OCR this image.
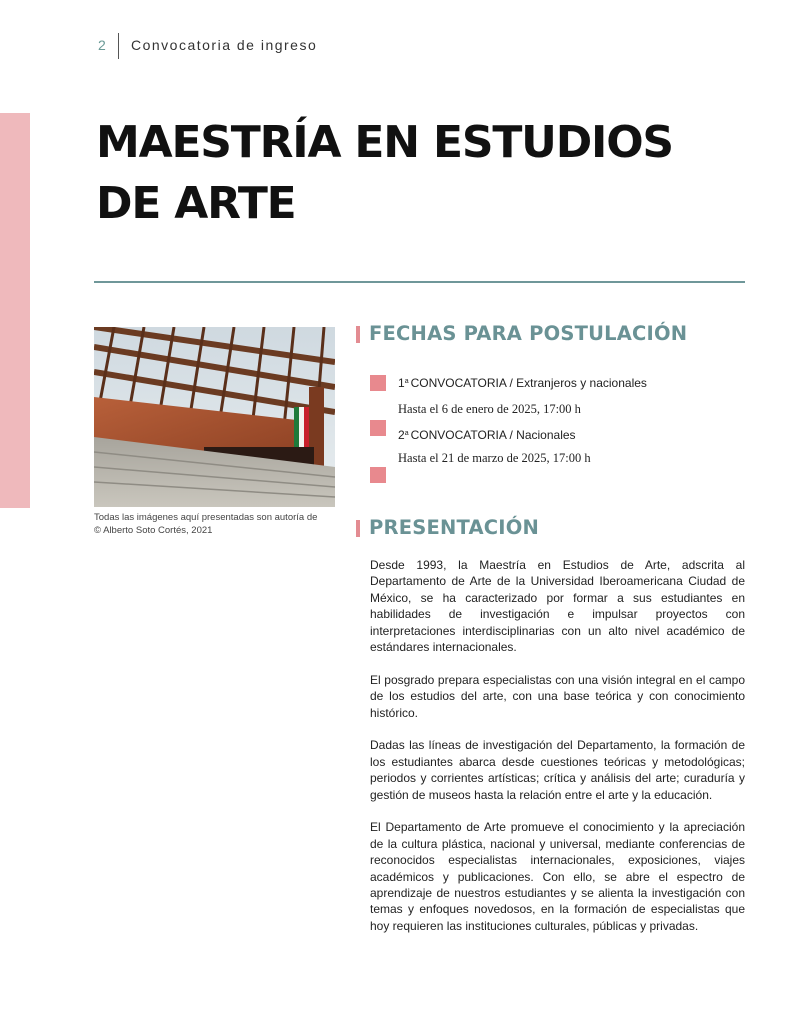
2 Convocatoria de ingreso
MAESTRÍA EN ESTUDIOS
DE ARTE
Todas las imágenes aquí presentadas son autoría de
© Alberto Soto Cortés, 2021
FECHAS PARA POSTULACIÓN
1$^a$ CONVOCATORIA / Extranjeros y nacionales
Hasta el 6 de enero de 2025, 17:00 h
2$^a$ CONVOCATORIA / Nacionales
Hasta el 21 de marzo de 2025, 17:00 h
PRESENTACIÓN

Desde 1993, la Maestría en Estudios de Arte, adscrita al Departamento de Arte de la Universidad Iberoamericana Ciudad de México, se ha caracterizado por formar a sus estudiantes en habilidades de investigación e impulsar proyectos con interpretaciones interdisciplinarias con un alto nivel académico de estándares internacionales.

El posgrado prepara especialistas con una visión integral en el campo de los estudios del arte, con una base teórica y con conocimiento histórico.

Dadas las líneas de investigación del Departamento, la formación de los estudiantes abarca desde cuestiones teóricas y metodológicas; periodos y corrientes artísticas; crítica y análisis del arte; curaduría y gestión de museos hasta la relación entre el arte y la educación.

El Departamento de Arte promueve el conocimiento y la apreciación de la cultura plástica, nacional y universal, mediante conferencias de reconocidos especialistas internacionales, exposiciones, viajes académicos y publicaciones. Con ello, se abre el espectro de aprendizaje de nuestros estudiantes y se alienta la investigación con temas y enfoques novedosos, en la formación de especialistas que hoy requieren las instituciones culturales, públicas y privadas.
